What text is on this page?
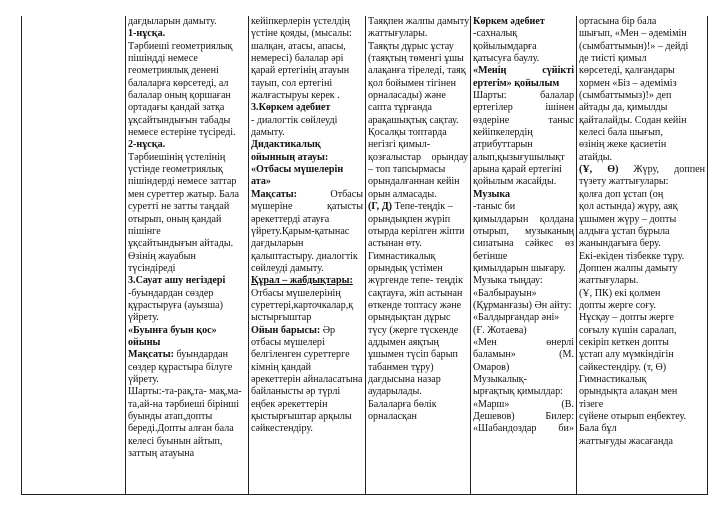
дағдыларын дамыту.

1-нұсқа.

Тәрбиеші геометриялық

пішіндді немесе

геометриялық денені

балаларға көрсетеді, ал

балалар оның қоршаған

ортадағы қандай затқа

ұқсайтындығын табады

немесе естеріне түсіреді.

2-нұсқа.

Тәрбиешінің үстелінің

үстінде геометриялық

пішіндерді немесе заттар

мен суреттер жатыр. Бала

суретті не затты таңдай

отырып, оның қандай

пішінге

ұқсайтындығын айтады.

Өзінің жауабын

түсіндіреді

3.Сауат ашу негіздері

-буындардан сөздер

құрастыруға (ауызша)

үйрету.

«Буынға буын қос»

ойыны

Мақсаты: буындардан

сөздер құрастыра білуге

үйрету.

Шарты:-та-рақ,та- мақ,ма-

та,ай-на тәрбиеші бірінші

буынды атап,допты

береді.Допты алған бала

келесі буынын айтып,

заттың атауына

кейіпкерлерін үстелдің

үстіне қояды, (мысалы:

шалқан, атасы, апасы,

немересі) балалар әрі

қарай ертегінің атауын

тауып, сол ертегіні

жалғастыруы керек .

3.Көркем әдебиет

- диалогтік сөйлеуді

дамыту.

Дидактикалық

ойынның атауы:

«Отбасы мүшелерін

ата»

Мақсаты: Отбасы

мүшеріне қатысты

әрекеттерді атауға

үйрету.Қарым-қатынас

дағдыларын

қалыптастыру. диалогтік

сөйлеуді дамыту.

Құрал – жабдықтары:

Отбасы мүшелерінің

суреттері,карточкалар,қ

ыстырғыштар

Ойын барысы: Әр

отбасы мүшелері

белгіленген суреттерге

кімнің қандай

әрекеттерін айналасатына

байланысты әр түрлі

еңбек әрекеттерін

қыстырғыштар арқылы

сәйкестендіру.

Таяқпен жалпы дамыту

жаттығулары.

Таяқты дұрыс ұстау

(таяқтың төменгі ұшы

алақанға тіреледі, таяқ

қол бойымен тігінен

орналасады) және

сапта тұрғанда

арақашықтық сақтау.

Қосалқы топтарда

негізгі қимыл-

қозғалыстар орындау

– топ тапсырмасы

орындалғаннан кейін

орын алмасады.

(Г, Д) Тепе-теңдік –

орындықпен жүріп

отырда керілген жіпти

астынан өту.

Гимнастикалық

орындық үстімен

жүргенде тепе- теңдік

сақтауға, жіп астынан

өткенде топтасу және

орындықтан дұрыс

түсу (жерге түскенде

аддымен аяқтың

ұшымен түсіп барып

табанмен тұру)

дағдысына назар

аударылады.

Балаларға бөлік

орналасқан

Көркем әдебиет

-сахналық

қойылымдарға

қатысуға баулу.

«Менің сүйікті

ертегім» қойылым

Шарты: балалар

ертегілер ішінен

өздеріне таныс

кейіпкелердің

атрибуттарын

алып,қызығушылықт

арына қарай ертегіні

қойылым жасайды.

Музыка

-таныс би

қимылдарын қолдана

отырып, музыканың

сипатына сәйкес өз

бетінше

қимылдарын шығару.

Музыка тыңдау:

«Балбырауын»

(Құрманғазы) Ән айту:

«Балдырғандар әні»

(Ғ. Жотаева)

«Мен өнерлі

баламын» (М.

Омаров)

Музыкалық-

ырғақтық қимылдар:

«Марш» (В.

Дешевов) Билер:

«Шабандоздар би»

ортасына бір бала

шығып, «Мен – әдемімін

(сымбаттымын)!» – дейді

де тиісті қимыл

көрсетеді, қалғандары

хормен «Біз – әдеміміз

(сымбаттымыз)!» деп

айтады да, қимылды

қайталайды. Содан кейін

келесі бала шығып,

өзінің жеке қасиетін

атайды.

(Ұ, Ө) Жүру, доппен

түзету жаттығулары:

қолға доп ұстап (оң

қол астында) жүру, аяқ

ұшымен жүру – допты

алдыға ұстап бұрыла

жанындағыға беру.

Екі-екіден тізбекке тұру.

Доппен жалпы дамыту

жаттығулары.

(Ұ, ПК) екі қолмен

допты жерге соғу.

Нұсқау – допты жерге

соғылу күшін саралап,

секіріп кеткен допты

ұстап алу мүмкіндігін

сәйкестендіру. (т, Ө)

Гимнастикалық

орындықта алақан мен

тізеге

сүйене отырып еңбектеу.

Бала бұл

жаттығуды жасағанда
